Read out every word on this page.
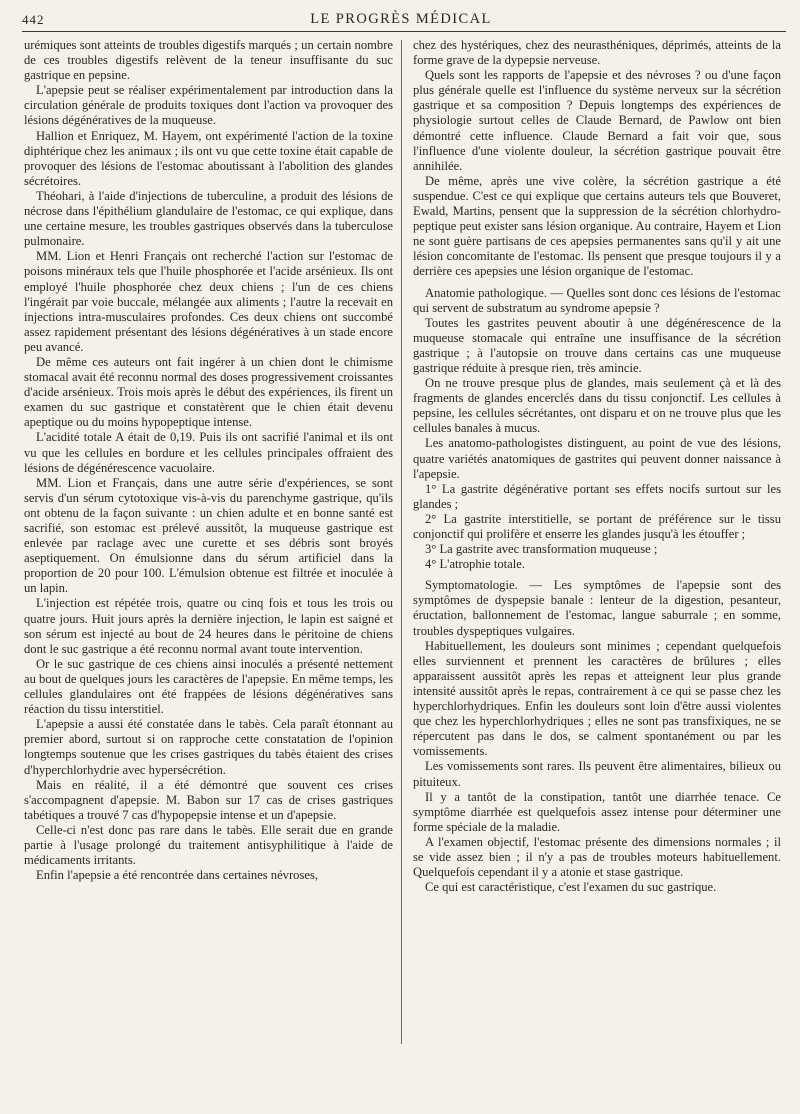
442	LE PROGRÈS MÉDICAL

urémiques sont atteints de troubles digestifs marqués ; un certain nombre de ces troubles digestifs relèvent de la teneur insuffisante du suc gastrique en pepsine.

L'apepsie peut se réaliser expérimentalement par introduction dans la circulation générale de produits toxiques dont l'action va provoquer des lésions dégénératives de la muqueuse.

Hallion et Enriquez, M. Hayem, ont expérimenté l'action de la toxine diphtérique chez les animaux ; ils ont vu que cette toxine était capable de provoquer des lésions de l'estomac aboutissant à l'abolition des glandes sécrétoires.

Théohari, à l'aide d'injections de tuberculine, a produit des lésions de nécrose dans l'épithélium glandulaire de l'estomac, ce qui explique, dans une certaine mesure, les troubles gastriques observés dans la tuberculose pulmonaire.

MM. Lion et Henri Français ont recherché l'action sur l'estomac de poisons minéraux tels que l'huile phosphorée et l'acide arsénieux. Ils ont employé l'huile phosphorée chez deux chiens ; l'un de ces chiens l'ingérait par voie buccale, mélangée aux aliments ; l'autre la recevait en injections intra-musculaires profondes. Ces deux chiens ont succombé assez rapidement présentant des lésions dégénératives à un stade encore peu avancé.

De même ces auteurs ont fait ingérer à un chien dont le chimisme stomacal avait été reconnu normal des doses progressivement croissantes d'acide arsénieux. Trois mois après le début des expériences, ils firent un examen du suc gastrique et constatèrent que le chien était devenu apeptique ou du moins hypopeptique intense.

L'acidité totale A était de 0,19. Puis ils ont sacrifié l'animal et ils ont vu que les cellules en bordure et les cellules principales offraient des lésions de dégénérescence vacuolaire.

MM. Lion et Français, dans une autre série d'expériences, se sont servis d'un sérum cytotoxique vis-à-vis du parenchyme gastrique, qu'ils ont obtenu de la façon suivante : un chien adulte et en bonne santé est sacrifié, son estomac est prélevé aussitôt, la muqueuse gastrique est enlevée par raclage avec une curette et ses débris sont broyés aseptiquement. On émulsionne dans du sérum artificiel dans la proportion de 20 pour 100. L'émulsion obtenue est filtrée et inoculée à un lapin.

L'injection est répétée trois, quatre ou cinq fois et tous les trois ou quatre jours. Huit jours après la dernière injection, le lapin est saigné et son sérum est injecté au bout de 24 heures dans le péritoine de chiens dont le suc gastrique a été reconnu normal avant toute intervention.

Or le suc gastrique de ces chiens ainsi inoculés a présenté nettement au bout de quelques jours les caractères de l'apepsie. En même temps, les cellules glandulaires ont été frappées de lésions dégénératives sans réaction du tissu interstitiel.

L'apepsie a aussi été constatée dans le tabès. Cela paraît étonnant au premier abord, surtout si on rapproche cette constatation de l'opinion longtemps soutenue que les crises gastriques du tabès étaient des crises d'hyperchlorhydrie avec hypersécrétion.

Mais en réalité, il a été démontré que souvent ces crises s'accompagnent d'apepsie. M. Babon sur 17 cas de crises gastriques tabétiques a trouvé 7 cas d'hypopepsie intense et un d'apepsie.

Celle-ci n'est donc pas rare dans le tabès. Elle serait due en grande partie à l'usage prolongé du traitement antisyphilitique à l'aide de médicaments irritants.

Enfin l'apepsie a été rencontrée dans certaines névroses,

chez des hystériques, chez des neurasthéniques, déprimés, atteints de la forme grave de la dypepsie nerveuse.

Quels sont les rapports de l'apepsie et des névroses ? ou d'une façon plus générale quelle est l'influence du système nerveux sur la sécrétion gastrique et sa composition ? Depuis longtemps des expériences de physiologie surtout celles de Claude Bernard, de Pawlow ont bien démontré cette influence. Claude Bernard a fait voir que, sous l'influence d'une violente douleur, la sécrétion gastrique pouvait être annihilée.

De même, après une vive colère, la sécrétion gastrique a été suspendue. C'est ce qui explique que certains auteurs tels que Bouveret, Ewald, Martins, pensent que la suppression de la sécrétion chlorhydro-peptique peut exister sans lésion organique. Au contraire, Hayem et Lion ne sont guère partisans de ces apepsies permanentes sans qu'il y ait une lésion concomitante de l'estomac. Ils pensent que presque toujours il y a derrière ces apepsies une lésion organique de l'estomac.

Anatomie pathologique. — Quelles sont donc ces lésions de l'estomac qui servent de substratum au syndrome apepsie ?

Toutes les gastrites peuvent aboutir à une dégénérescence de la muqueuse stomacale qui entraîne une insuffisance de la sécrétion gastrique ; à l'autopsie on trouve dans certains cas une muqueuse gastrique réduite à presque rien, très amincie.

On ne trouve presque plus de glandes, mais seulement çà et là des fragments de glandes encerclés dans du tissu conjonctif. Les cellules à pepsine, les cellules sécrétantes, ont disparu et on ne trouve plus que les cellules banales à mucus.

Les anatomo-pathologistes distinguent, au point de vue des lésions, quatre variétés anatomiques de gastrites qui peuvent donner naissance à l'apepsie.

1° La gastrite dégénérative portant ses effets nocifs surtout sur les glandes ;

2° La gastrite interstitielle, se portant de préférence sur le tissu conjonctif qui prolifère et enserre les glandes jusqu'à les étouffer ;

3° La gastrite avec transformation muqueuse ;

4° L'atrophie totale.

Symptomatologie. — Les symptômes de l'apepsie sont des symptômes de dyspepsie banale : lenteur de la digestion, pesanteur, éructation, ballonnement de l'estomac, langue saburrale ; en somme, troubles dyspeptiques vulgaires.

Habituellement, les douleurs sont minimes ; cependant quelquefois elles surviennent et prennent les caractères de brûlures ; elles apparaissent aussitôt après les repas et atteignent leur plus grande intensité aussitôt après le repas, contrairement à ce qui se passe chez les hyperchlorhydriques. Enfin les douleurs sont loin d'être aussi violentes que chez les hyperchlorhydriques ; elles ne sont pas transfixiques, ne se répercutent pas dans le dos, se calment spontanément ou par les vomissements.

Les vomissements sont rares. Ils peuvent être alimentaires, bilieux ou pituiteux.

Il y a tantôt de la constipation, tantôt une diarrhée tenace. Ce symptôme diarrhée est quelquefois assez intense pour déterminer une forme spéciale de la maladie.

A l'examen objectif, l'estomac présente des dimensions normales ; il se vide assez bien ; il n'y a pas de troubles moteurs habituellement. Quelquefois cependant il y a atonie et stase gastrique.

Ce qui est caractéristique, c'est l'examen du suc gastrique.
